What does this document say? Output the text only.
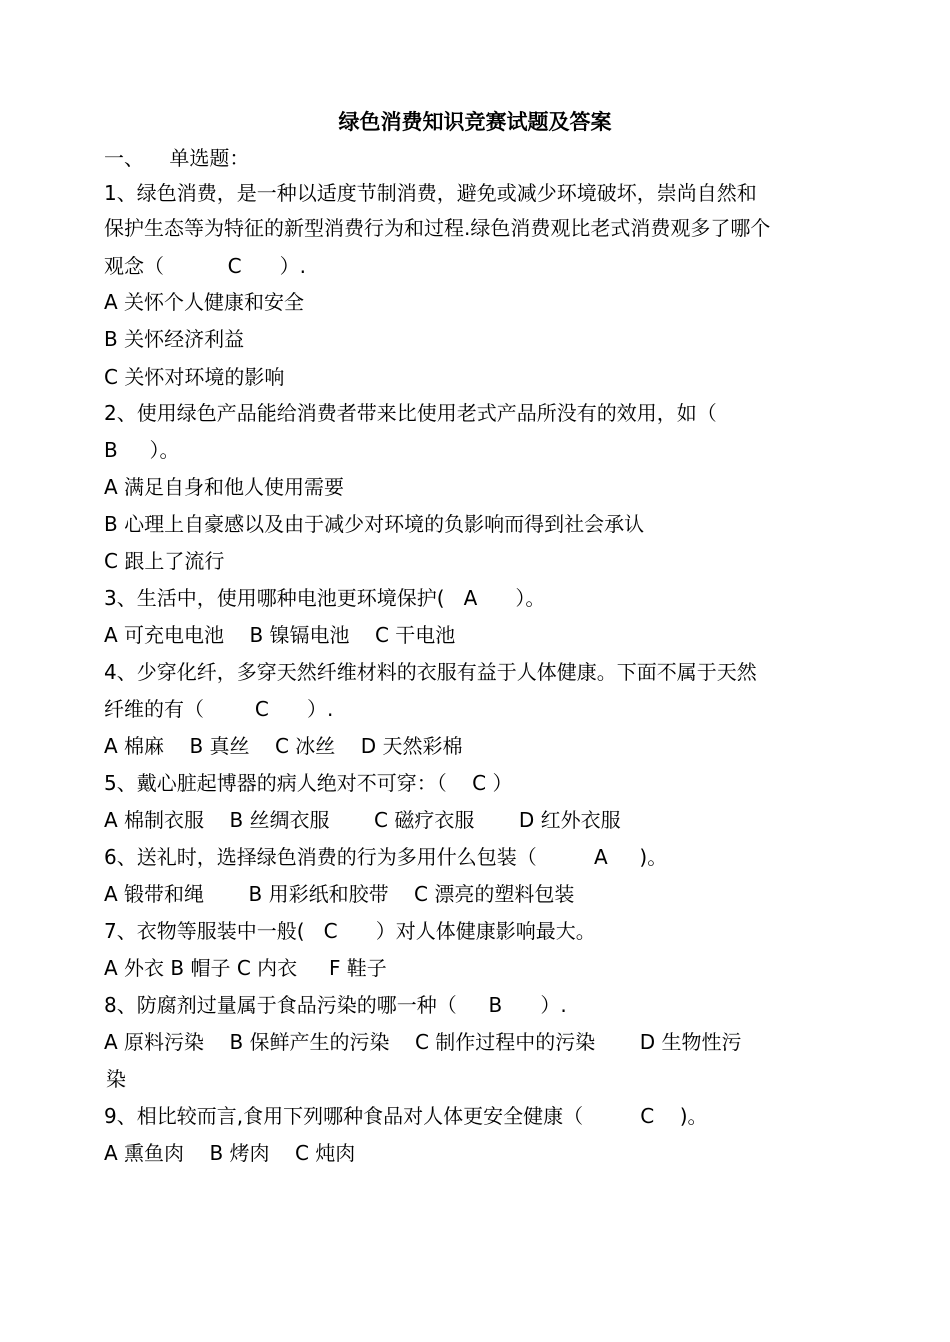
绿色消费知识竞赛试题及答案
一、    单选题：
1、绿色消费，是一种以适度节制消费，避免或减少环境破坏，崇尚自然和
保护生态等为特征的新型消费行为和过程.绿色消费观比老式消费观多了哪个
观念（          C      ）.
A 关怀个人健康和安全
B 关怀经济利益
C 关怀对环境的影响
2、使用绿色产品能给消费者带来比使用老式产品所没有的效用，如（
B     ）。
A 满足自身和他人使用需要
B 心理上自豪感以及由于减少对环境的负影响而得到社会承认
C 跟上了流行
3、生活中，使用哪种电池更环境保护(   A      ）。
A 可充电电池    B 镍镉电池    C 干电池
4、少穿化纤，多穿天然纤维材料的衣服有益于人体健康。下面不属于天然
纤维的有（        C      ）.
A 棉麻    B 真丝    C 冰丝    D 天然彩棉
5、戴心脏起博器的病人绝对不可穿：（    C ）
A 棉制衣服    B 丝绸衣服       C 磁疗衣服       D 红外衣服
6、送礼时，选择绿色消费的行为多用什么包装（         A     )。
A 锻带和绳       B 用彩纸和胶带    C 漂亮的塑料包装
7、衣物等服装中一般(   C      ）对人体健康影响最大。
A 外衣 B 帽子 C 内衣     F 鞋子
8、防腐剂过量属于食品污染的哪一种（     B      ）.
A 原料污染    B 保鲜产生的污染    C 制作过程中的污染       D 生物性污
染
9、相比较而言,食用下列哪种食品对人体更安全健康（         C    )。
A 熏鱼肉    B 烤肉    C 炖肉
